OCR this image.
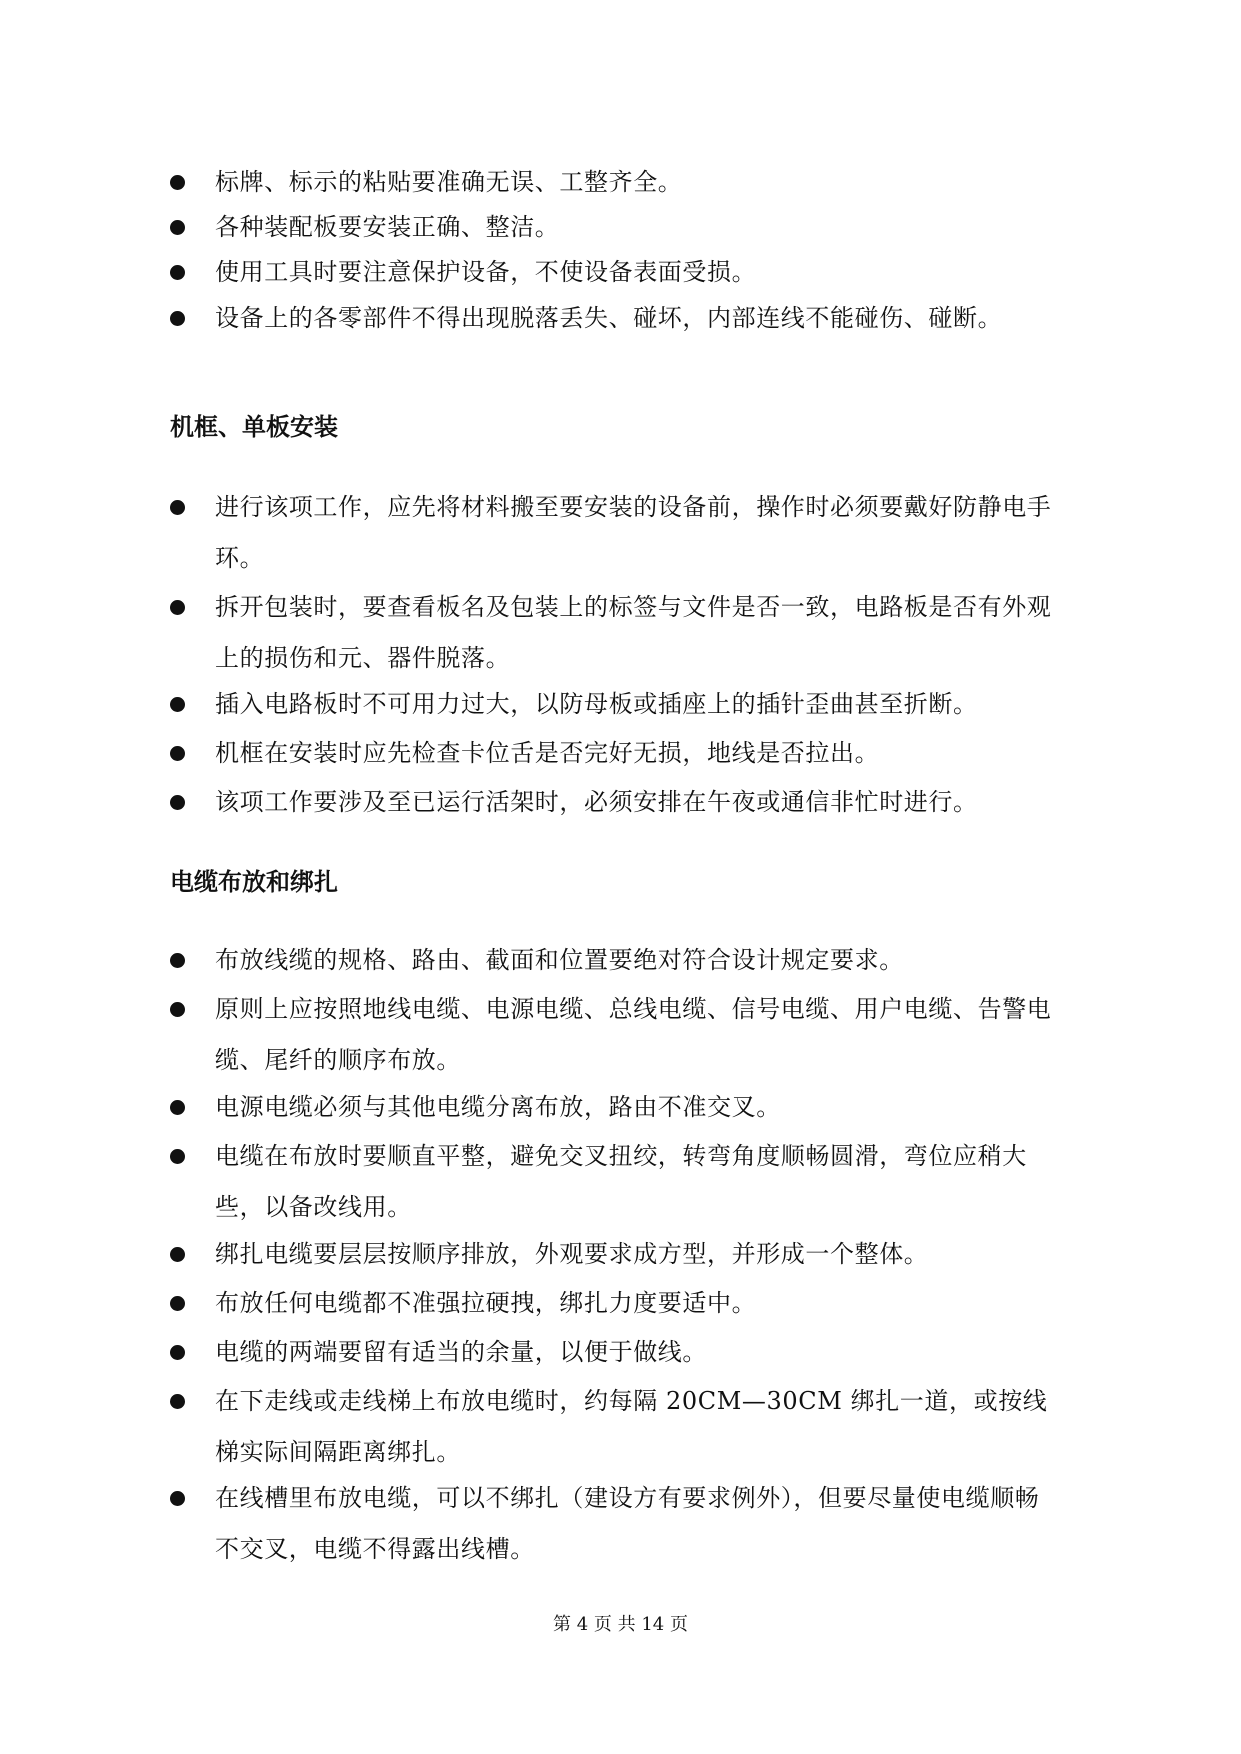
标牌、标示的粘贴要准确无误、工整齐全。
各种装配板要安装正确、整洁。
使用工具时要注意保护设备，不使设备表面受损。
设备上的各零部件不得出现脱落丢失、碰坏，内部连线不能碰伤、碰断。
机框、单板安装
进行该项工作，应先将材料搬至要安装的设备前，操作时必须要戴好防静电手环。
拆开包装时，要查看板名及包装上的标签与文件是否一致，电路板是否有外观上的损伤和元、器件脱落。
插入电路板时不可用力过大，以防母板或插座上的插针歪曲甚至折断。
机框在安装时应先检查卡位舌是否完好无损，地线是否拉出。
该项工作要涉及至已运行活架时，必须安排在午夜或通信非忙时进行。
电缆布放和绑扎
布放线缆的规格、路由、截面和位置要绝对符合设计规定要求。
原则上应按照地线电缆、电源电缆、总线电缆、信号电缆、用户电缆、告警电缆、尾纤的顺序布放。
电源电缆必须与其他电缆分离布放，路由不准交叉。
电缆在布放时要顺直平整，避免交叉扭绞，转弯角度顺畅圆滑，弯位应稍大些，以备改线用。
绑扎电缆要层层按顺序排放，外观要求成方型，并形成一个整体。
布放任何电缆都不准强拉硬拽，绑扎力度要适中。
电缆的两端要留有适当的余量，以便于做线。
在下走线或走线梯上布放电缆时，约每隔 20CM—30CM 绑扎一道，或按线梯实际间隔距离绑扎。
在线槽里布放电缆，可以不绑扎（建设方有要求例外），但要尽量使电缆顺畅不交叉，电缆不得露出线槽。
第 4 页 共 14 页
